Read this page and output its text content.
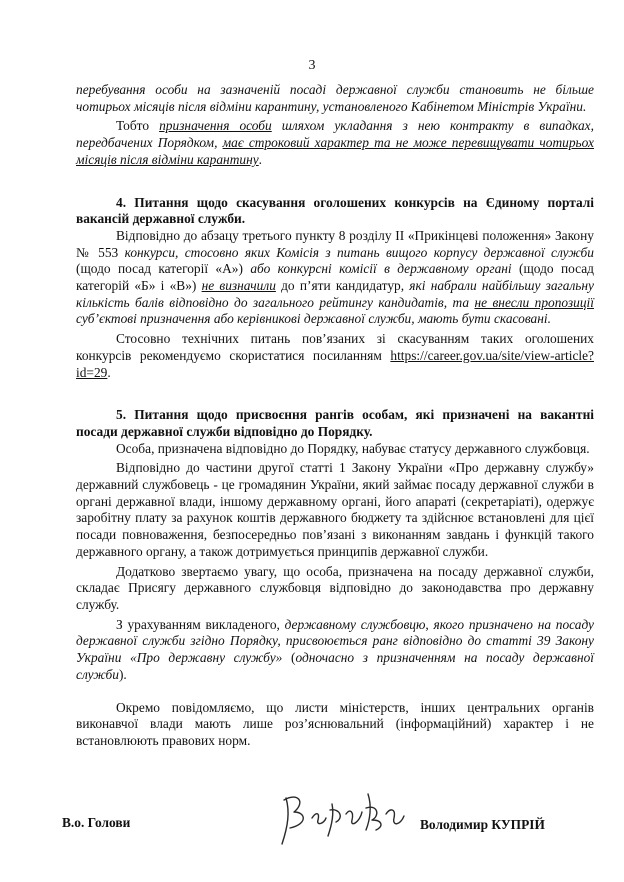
3

перебування особи на зазначеній посаді державної служби становить не більше чотирьох місяців після відміни карантину, установленого Кабінетом Міністрів України.

Тобто призначення особи шляхом укладання з нею контракту в випадках, передбачених Порядком, має строковий характер та не може перевищувати чотирьох місяців після відміни карантину.

4. Питання щодо скасування оголошених конкурсів на Єдиному порталі вакансій державної служби.

Відповідно до абзацу третього пункту 8 розділу II «Прикінцеві положення» Закону № 553 конкурси, стосовно яких Комісія з питань вищого корпусу державної служби (щодо посад категорії «А») або конкурсні комісії в державному органі (щодо посад категорій «Б» і «В») не визначили до п’яти кандидатур, які набрали найбільшу загальну кількість балів відповідно до загального рейтингу кандидатів, та не внесли пропозиції суб’єктові призначення або керівникові державної служби, мають бути скасовані.

Стосовно технічних питань пов’язаних зі скасуванням таких оголошених конкурсів рекомендуємо скористатися посиланням https://career.gov.ua/site/view-article?id=29.

5. Питання щодо присвоєння рангів особам, які призначені на вакантні посади державної служби відповідно до Порядку.

Особа, призначена відповідно до Порядку, набуває статусу державного службовця.

Відповідно до частини другої статті 1 Закону України «Про державну службу» державний службовець - це громадянин України, який займає посаду державної служби в органі державної влади, іншому державному органі, його апараті (секретаріаті), одержує заробітну плату за рахунок коштів державного бюджету та здійснює встановлені для цієї посади повноваження, безпосередньо пов’язані з виконанням завдань і функцій такого державного органу, а також дотримується принципів державної служби.

Додатково звертаємо увагу, що особа, призначена на посаду державної служби, складає Присягу державного службовця відповідно до законодавства про державну службу.

З урахуванням викладеного, державному службовцю, якого призначено на посаду державної служби згідно Порядку, присвоюється ранг відповідно до статті 39 Закону України «Про державну службу» (одночасно з призначенням на посаду державної служби).

Окремо повідомляємо, що листи міністерств, інших центральних органів виконавчої влади мають лише роз’яснювальний (інформаційний) характер і не встановлюють правових норм.

В.о. Голови	Володимир КУПРІЙ
